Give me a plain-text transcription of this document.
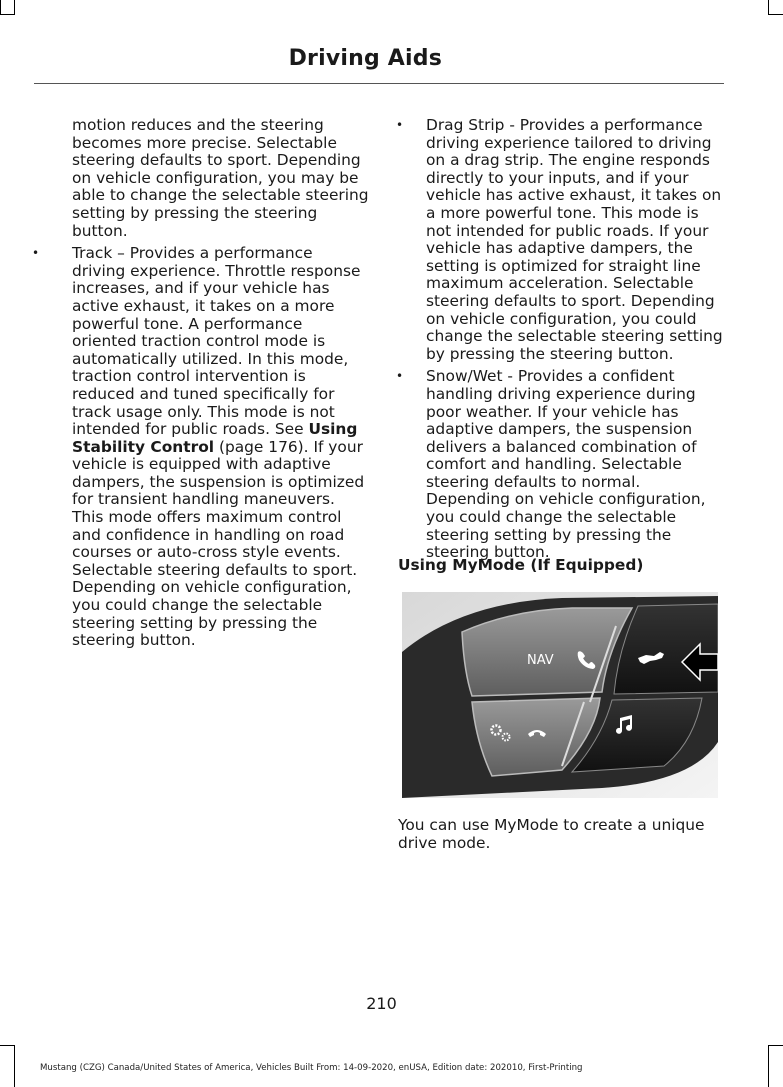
Driving Aids

motion reduces and the steering becomes more precise. Selectable steering defaults to sport. Depending on vehicle configuration, you may be able to change the selectable steering setting by pressing the steering button.

• Track – Provides a performance driving experience. Throttle response increases, and if your vehicle has active exhaust, it takes on a more powerful tone. A performance oriented traction control mode is automatically utilized. In this mode, traction control intervention is reduced and tuned specifically for track usage only. This mode is not intended for public roads. See Using Stability Control (page 176). If your vehicle is equipped with adaptive dampers, the suspension is optimized for transient handling maneuvers. This mode offers maximum control and confidence in handling on road courses or auto-cross style events. Selectable steering defaults to sport. Depending on vehicle configuration, you could change the selectable steering setting by pressing the steering button.

• Drag Strip - Provides a performance driving experience tailored to driving on a drag strip. The engine responds directly to your inputs, and if your vehicle has active exhaust, it takes on a more powerful tone. This mode is not intended for public roads. If your vehicle has adaptive dampers, the setting is optimized for straight line maximum acceleration. Selectable steering defaults to sport. Depending on vehicle configuration, you could change the selectable steering setting by pressing the steering button.

• Snow/Wet - Provides a confident handling driving experience during poor weather. If your vehicle has adaptive dampers, the suspension delivers a balanced combination of comfort and handling. Selectable steering defaults to normal. Depending on vehicle configuration, you could change the selectable steering setting by pressing the steering button.

Using MyMode (If Equipped)
NAV
You can use MyMode to create a unique drive mode.
210
Mustang (CZG) Canada/United States of America, Vehicles Built From: 14-09-2020, enUSA, Edition date: 202010, First-Printing
